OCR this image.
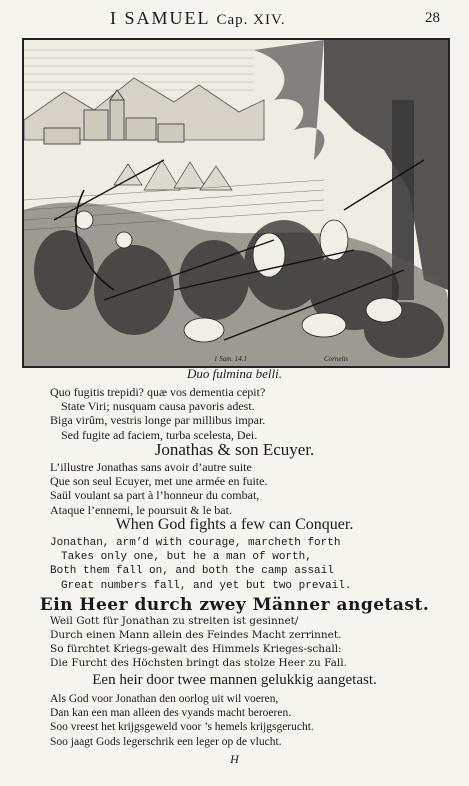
I SAMUEL Cap. XIV.	28
1 Sam. 14.1	Cornelis
Duo fulmina belli.
Quo fugitis trepidi? quæ vos dementia cepit?
State Viri; nusquam causa pavoris adest.
Biga virûm, vestris longe par millibus impar.
Sed fugite ad faciem, turba scelesta, Dei.
Jonathas & son Ecuyer.
L’illustre Jonathas sans avoir d’autre suite
Que son seul Ecuyer, met une armée en fuite.
Saül voulant sa part à l’honneur du combat,
Ataque l’ennemi, le poursuit & le bat.
When God fights a few can Conquer.
Jonathan, arm’d with courage, marcheth forth
Takes only one, but he a man of worth,
Both them fall on, and both the camp assail
Great numbers fall, and yet but two prevail.
Ein Heer durch zwey Männer angetast.
Weil Gott für Jonathan zu streiten ist gesinnet/
Durch einen Mann allein des Feindes Macht zerrinnet.
So fürchtet Kriegs-gewalt des Himmels Krieges-schall:
Die Furcht des Höchsten bringt das stolze Heer zu Fall.
Een heir door twee mannen gelukkig aangetast.
Als God voor Jonathan den oorlog uit wil voeren,
Dan kan een man alleen des vyands macht beroeren.
Soo vreest het krijgsgeweld voor ’s hemels krijgsgerucht.
Soo jaagt Gods legerschrik een leger op de vlucht.
H
